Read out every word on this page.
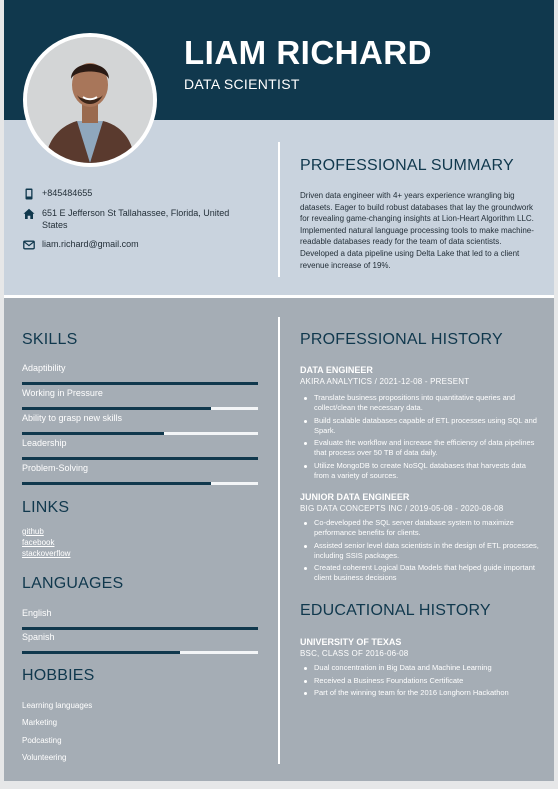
LIAM RICHARD
DATA SCIENTIST
+845484655
651 E Jefferson St Tallahassee, Florida, United States
liam.richard@gmail.com
PROFESSIONAL SUMMARY
Driven data engineer with 4+ years experience wrangling big datasets. Eager to build robust databases that lay the groundwork for revealing game-changing insights at Lion-Heart Algorithm LLC. Implemented natural language processing tools to make machine-readable databases ready for the team of data scientists. Developed a data pipeline using Delta Lake that led to a client revenue increase of 19%.
SKILLS
Adaptibility
Working in Pressure
Ability to grasp new skills
Leadership
Problem-Solving
LINKS
github
facebook
stackoverflow
LANGUAGES
English
Spanish
HOBBIES
Learning languages
Marketing
Podcasting
Volunteering
PROFESSIONAL HISTORY
DATA ENGINEER
AKIRA ANALYTICS / 2021-12-08 - PRESENT
Translate business propositions into quantitative queries and collect/clean the necessary data.
Build scalable databases capable of ETL processes using SQL and Spark.
Evaluate the workflow and increase the efficiency of data pipelines that process over 50 TB of data daily.
Utilize MongoDB to create NoSQL databases that harvests data from a variety of sources.
JUNIOR DATA ENGINEER
BIG DATA CONCEPTS INC / 2019-05-08 - 2020-08-08
Co-developed the SQL server database system to maximize performance benefits for clients.
Assisted senior level data scientists in the design of ETL processes, including SSIS packages.
Created coherent Logical Data Models that helped guide important client business decisions
EDUCATIONAL HISTORY
UNIVERSITY OF TEXAS
BSC, CLASS OF 2016-06-08
Dual concentration in Big Data and Machine Learning
Received a Business Foundations Certificate
Part of the winning team for the 2016 Longhorn Hackathon
